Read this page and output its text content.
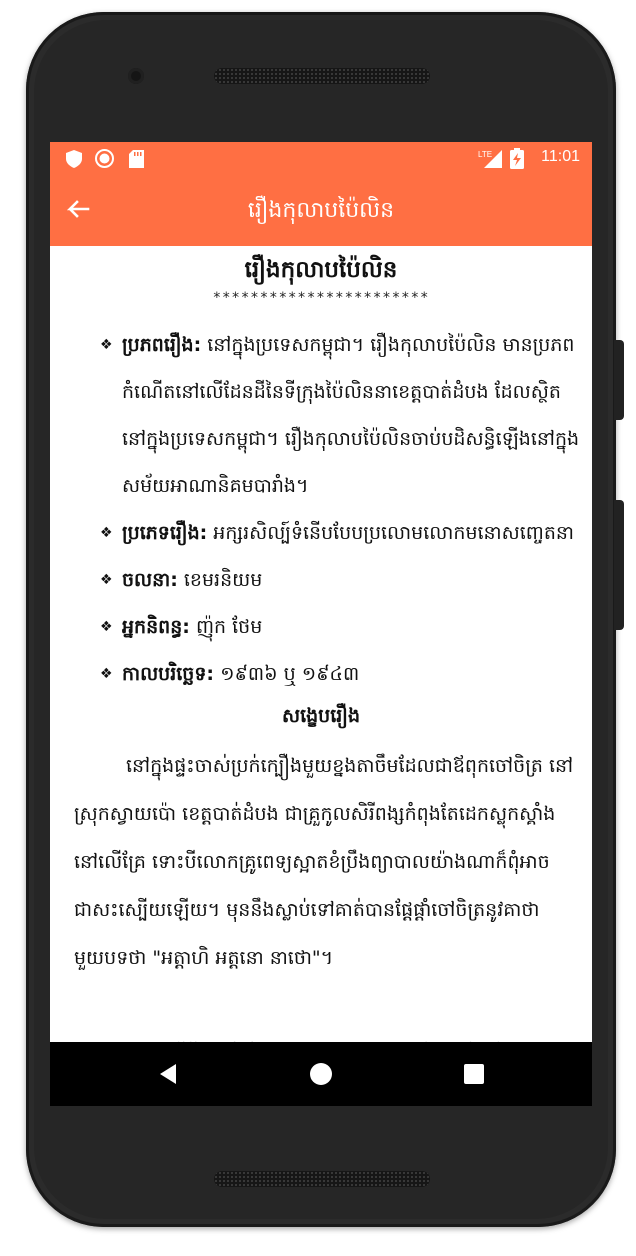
LTE	11:01
រឿងកុលាបប៉ៃលិន
រឿងកុលាបប៉ៃលិន
***********************
❖ ប្រភពរឿង: នៅក្នុងប្រទេសកម្ពុជា។ រឿងកុលាបប៉ៃលិន មានប្រភពកំណើតនៅលើដែនដីនៃទីក្រុងប៉ៃលិននាខេត្តបាត់ដំបង ដែលស្ថិតនៅក្នុងប្រទេសកម្ពុជា។ រឿងកុលាបប៉ៃលិនចាប់បដិសន្ធិឡើងនៅក្នុងសម័យអាណានិគមបារាំង។
❖ ប្រភេទរឿង: អក្សរសិល្ប៍ទំនើបបែបប្រលោមលោកមនោសញ្ចេតនា
❖ ចលនា: ខេមរនិយម
❖ អ្នកនិពន្ធ: ញ៉ុក ថែម
❖ កាលបរិច្ឆេទ: ១៩៣៦ ឬ ១៩៤៣
សង្ខេបរឿង
នៅក្នុងផ្ទះចាស់ប្រក់ក្បឿងមួយខ្នងតាចឹមដែលជាឪពុកចៅចិត្រ នៅស្រុកស្វាយប៉ោ ខេត្តបាត់ដំបង ជាគ្រួកូលសិរីពង្សកំពុងតែដេកស្លុកស្គាំងនៅលើគ្រែ ទោះបីលោកគ្រូពេទ្យស្អាតខំប្រឹងព្យាបាលយ៉ាងណាក៏ពុំអាចជាសះស្បើយឡើយ។ មុននឹងស្លាប់ទៅគាត់បានផ្តែផ្តាំចៅចិត្រនូវគាថាមួយបទថា "អត្តាហិ អត្តនោ នាថោ"។
